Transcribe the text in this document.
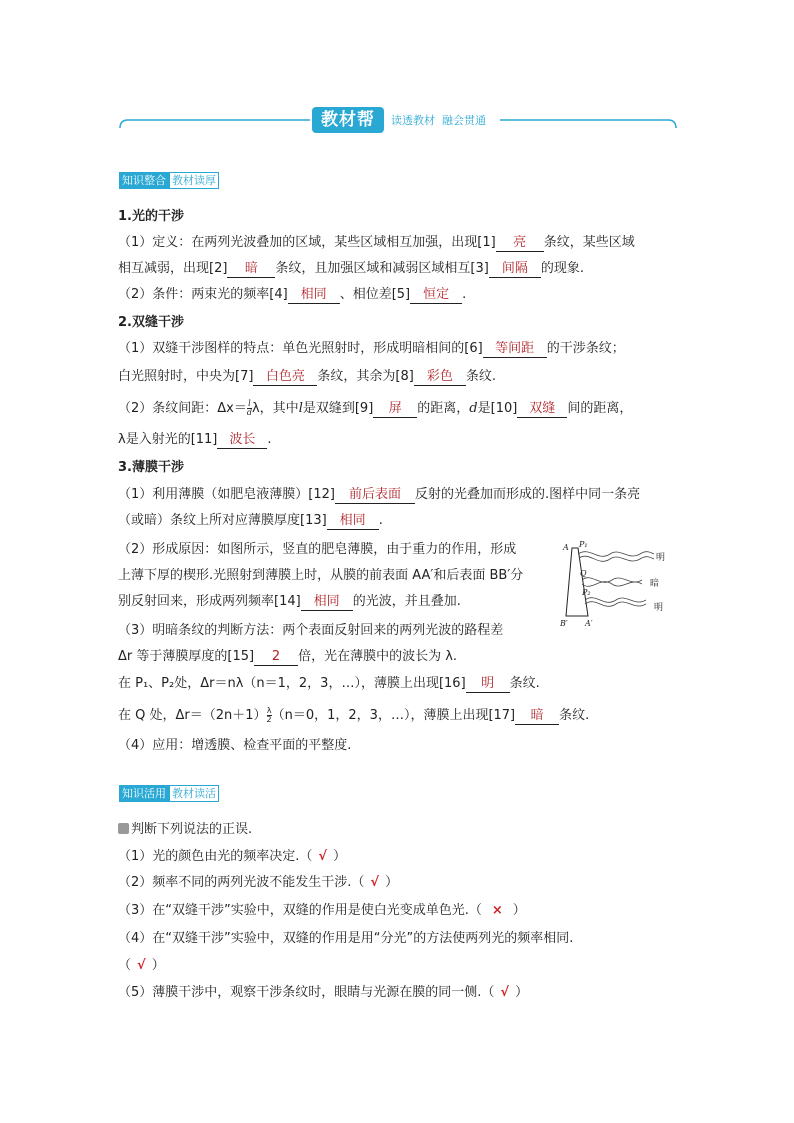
教材帮	读透教材  融会贯通
知识整合 教材读厚
1.光的干涉
（1）定义：在两列光波叠加的区域，某些区域相互加强，出现[1] 亮 条纹，某些区域
相互减弱，出现[2] 暗 条纹，且加强区域和减弱区域相互[3] 间隔 的现象.
（2）条件：两束光的频率[4] 相同 、相位差[5] 恒定 .
2.双缝干涉
（1）双缝干涉图样的特点：单色光照射时，形成明暗相间的[6] 等间距 的干涉条纹；
白光照射时，中央为[7] 白色亮 条纹，其余为[8] 彩色 条纹.
（2）条纹间距：$\Delta x= \frac{l}{d}$ λ，其中l是双缝到[9] 屏 的距离，d是[10] 双缝 间的距离，
λ是入射光的[11] 波长 .
3.薄膜干涉
（1）利用薄膜（如肥皂液薄膜）[12] 前后表面 反射的光叠加而形成的.图样中同一条亮
（或暗）条纹上所对应薄膜厚度[13] 相同 .
（2）形成原因：如图所示，竖直的肥皂薄膜，由于重力的作用，形成
上薄下厚的楔形.光照射到薄膜上时，从膜的前表面 AA′和后表面 BB′分
别反射回来，形成两列频率[14] 相同 的光波，并且叠加.
（3）明暗条纹的判断方法：两个表面反射回来的两列光波的路程差
Δr 等于薄膜厚度的[15] 2 倍，光在薄膜中的波长为 λ.
在 P₁、P₂处，Δr＝nλ（n＝1，2，3，…），薄膜上出现[16] 明 条纹.
在 Q 处，$\Delta r=(2n+1) \frac{\lambda}{2} (n=0$，1，2，3，…），薄膜上出现[17] 暗 条纹.
（4）应用：增透膜、检查平面的平整度.
A P₁
Q
P₂
B′ A′
明
暗
明
知识活用 教材读活
判断下列说法的正误.
（1）光的颜色由光的频率决定.（ √ ）
（2）频率不同的两列光波不能发生干涉.（ √ ）
（3）在“双缝干涉”实验中，双缝的作用是使白光变成单色光.（ × ）
（4）在“双缝干涉”实验中，双缝的作用是用“分光”的方法使两列光的频率相同.
（ √ ）
（5）薄膜干涉中，观察干涉条纹时，眼睛与光源在膜的同一侧.（ √ ）
